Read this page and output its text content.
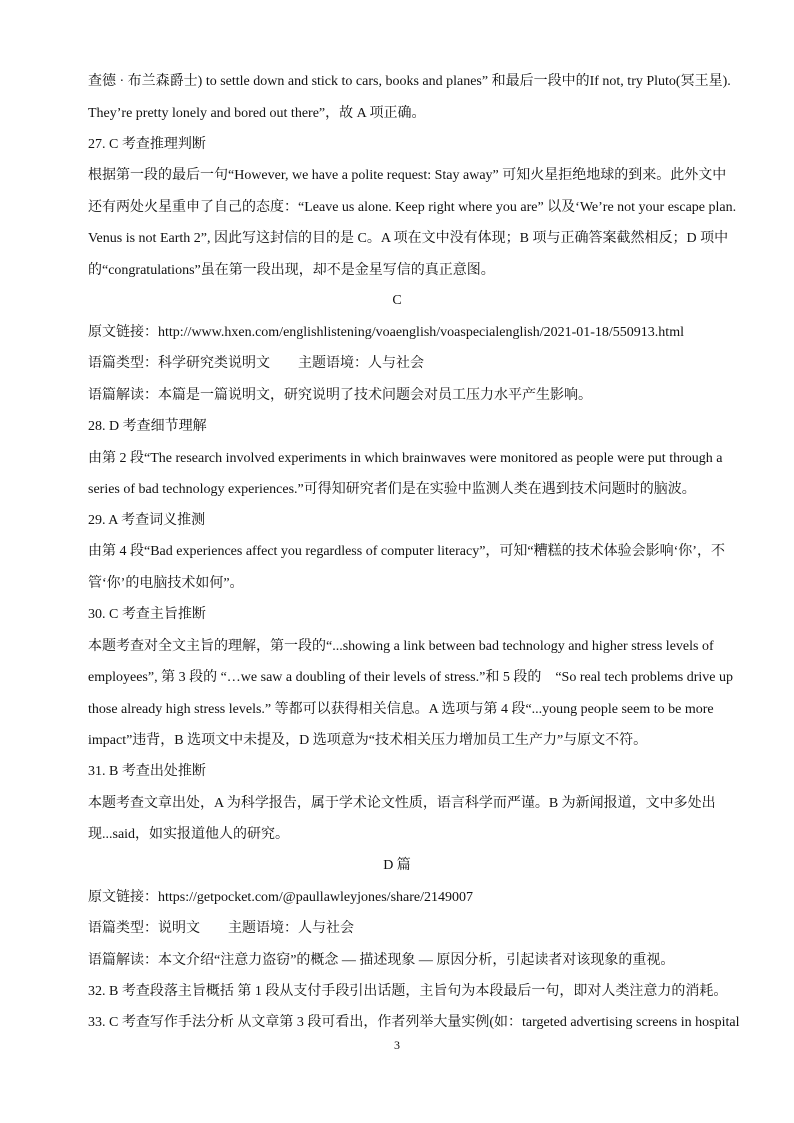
查德 · 布兰森爵士) to settle down and stick to cars, books and planes” 和最后一段中的If not, try Pluto(冥王星).
They’re pretty lonely and bored out there”，故 A 项正确。
27. C 考查推理判断
根据第一段的最后一句“However, we have a polite request: Stay away” 可知火星拒绝地球的到来。此外文中
还有两处火星重申了自己的态度：“Leave us alone. Keep right where you are” 以及‘We’re not your escape plan.
Venus is not Earth 2”, 因此写这封信的目的是 C。A 项在文中没有体现；B 项与正确答案截然相反；D 项中
的“congratulations”虽在第一段出现，却不是金星写信的真正意图。
C
原文链接：http://www.hxen.com/englishlistening/voaenglish/voaspecialenglish/2021-01-18/550913.html
语篇类型：科学研究类说明文　　主题语境：人与社会
语篇解读：本篇是一篇说明文，研究说明了技术问题会对员工压力水平产生影响。
28. D 考查细节理解
由第 2 段“The research involved experiments in which brainwaves were monitored as people were put through a
series of bad technology experiences.”可得知研究者们是在实验中监测人类在遇到技术问题时的脑波。
29. A 考查词义推测
由第 4 段“Bad experiences affect you regardless of computer literacy”，可知“糟糕的技术体验会影响‘你’，不
管‘你’的电脑技术如何”。
30. C 考查主旨推断
本题考查对全文主旨的理解，第一段的“...showing a link between bad technology and higher stress levels of
employees”, 第 3 段的 “…we saw a doubling of their levels of stress.”和 5 段的　“So real tech problems drive up
those already high stress levels.” 等都可以获得相关信息。A 选项与第 4 段“...young people seem to be more
impact”违背，B 选项文中未提及，D 选项意为“技术相关压力增加员工生产力”与原文不符。
31. B 考查出处推断
本题考查文章出处，A 为科学报告，属于学术论文性质，语言科学而严谨。B 为新闻报道，文中多处出
现...said，如实报道他人的研究。
D 篇
原文链接：https://getpocket.com/@paullawleyjones/share/2149007
语篇类型：说明文　　主题语境：人与社会
语篇解读：本文介绍“注意力盗窃”的概念 — 描述现象 — 原因分析，引起读者对该现象的重视。
32. B 考查段落主旨概括 第 1 段从支付手段引出话题，主旨句为本段最后一句，即对人类注意力的消耗。
33. C 考查写作手法分析 从文章第 3 段可看出，作者列举大量实例(如：targeted advertising screens in hospital
3
